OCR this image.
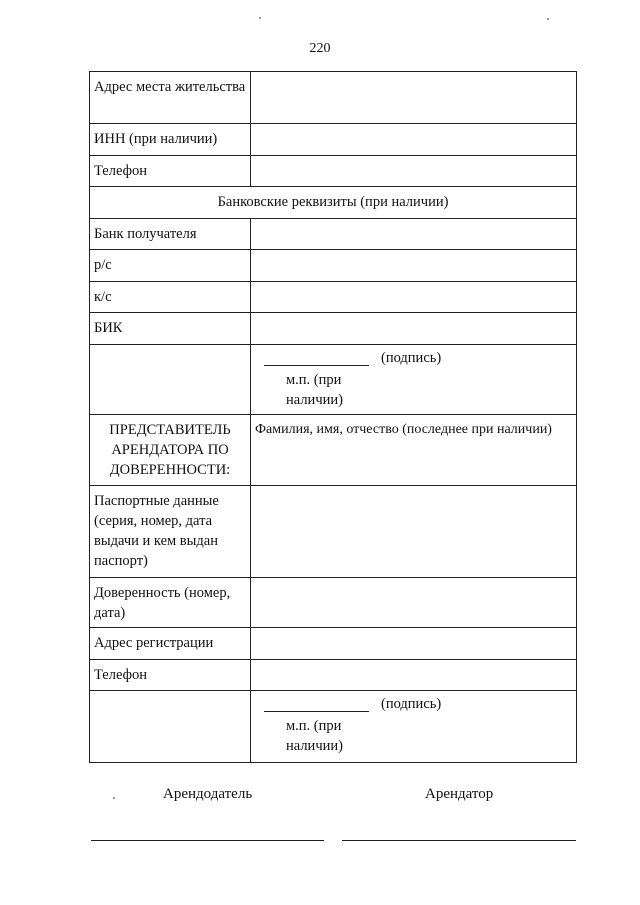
220
Адрес места жительства	
ИНН (при наличии)	
Телефон	
Банковские реквизиты (при наличии)	
Банк получателя	
р/с	
к/с	
БИК	

	(подпись)
м.п. (при наличии)

ПРЕДСТАВИТЕЛЬ АРЕНДАТОРА ПО ДОВЕРЕННОСТИ:	Фамилия, имя, отчество (последнее при наличии)
Паспортные данные (серия, номер, дата выдачи и кем выдан паспорт)	
Доверенность (номер, дата)	
Адрес регистрации	
Телефон	

	(подпись)
м.п. (при наличии)
Арендодатель	Арендатор
